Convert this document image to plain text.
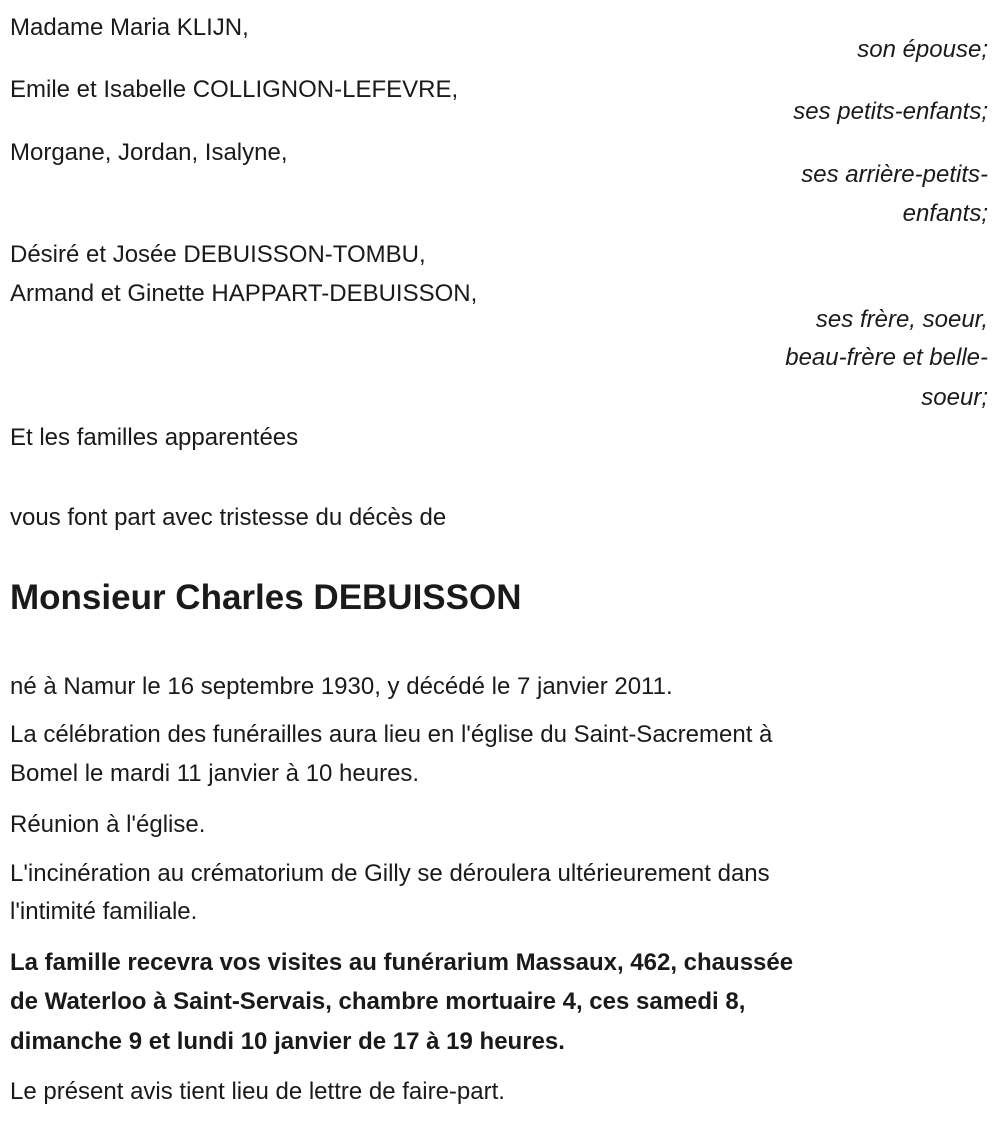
Madame Maria KLIJN,
son épouse;
Emile et Isabelle COLLIGNON-LEFEVRE,
ses petits-enfants;
Morgane, Jordan, Isalyne,
ses arrière-petits-
enfants;
Désiré et Josée DEBUISSON-TOMBU,
Armand et Ginette HAPPART-DEBUISSON,
ses frère, soeur,
beau-frère et belle-
soeur;
Et les familles apparentées
vous font part avec tristesse du décès de
Monsieur Charles DEBUISSON
né à Namur le 16 septembre 1930, y décédé le 7 janvier 2011.
La célébration des funérailles aura lieu en l'église du Saint-Sacrement à
Bomel le mardi 11 janvier à 10 heures.
Réunion à l'église.
L'incinération au crématorium de Gilly se déroulera ultérieurement dans
l'intimité familiale.
La famille recevra vos visites au funérarium Massaux, 462, chaussée
de Waterloo à Saint-Servais, chambre mortuaire 4, ces samedi 8,
dimanche 9 et lundi 10 janvier de 17 à 19 heures.
Le présent avis tient lieu de lettre de faire-part.
